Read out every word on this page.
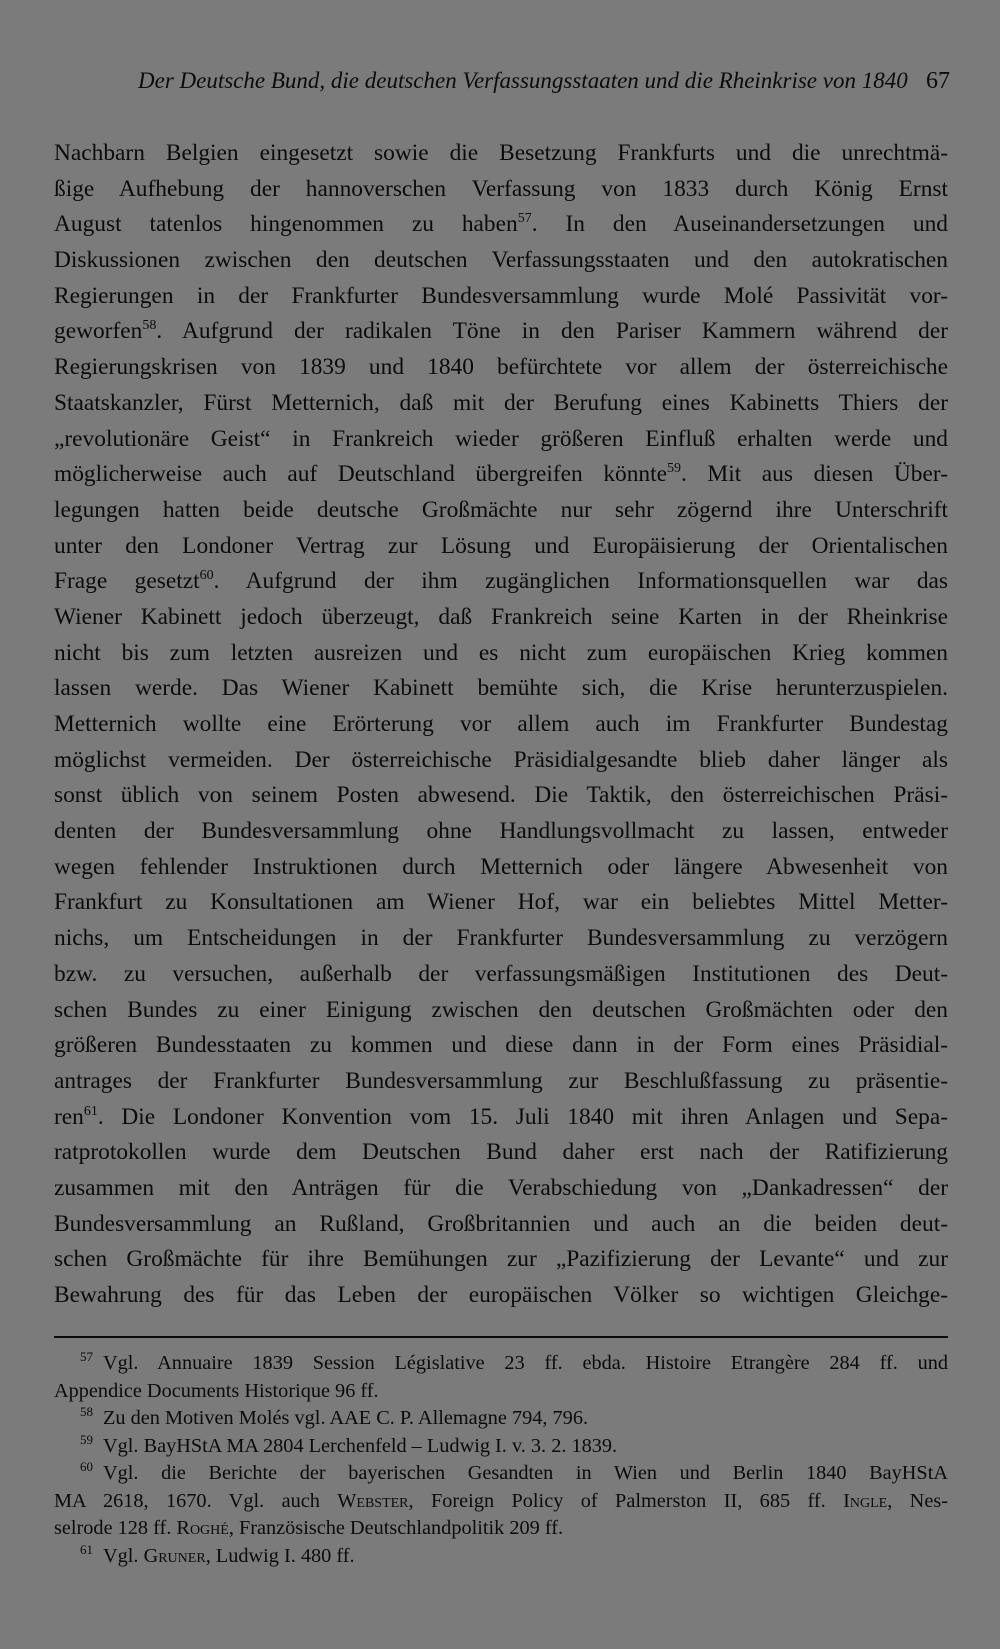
Der Deutsche Bund, die deutschen Verfassungsstaaten und die Rheinkrise von 1840 67
Nachbarn Belgien eingesetzt sowie die Besetzung Frankfurts und die unrechtmä-
ßige Aufhebung der hannoverschen Verfassung von 1833 durch König Ernst
August tatenlos hingenommen zu haben$^{57}$. In den Auseinandersetzungen und
Diskussionen zwischen den deutschen Verfassungsstaaten und den autokratischen
Regierungen in der Frankfurter Bundesversammlung wurde Molé Passivität vor-
geworfen$^{58}$. Aufgrund der radikalen Töne in den Pariser Kammern während der
Regierungskrisen von 1839 und 1840 befürchtete vor allem der österreichische
Staatskanzler, Fürst Metternich, daß mit der Berufung eines Kabinetts Thiers der
„revolutionäre Geist“ in Frankreich wieder größeren Einfluß erhalten werde und
möglicherweise auch auf Deutschland übergreifen könnte$^{59}$. Mit aus diesen Über-
legungen hatten beide deutsche Großmächte nur sehr zögernd ihre Unterschrift
unter den Londoner Vertrag zur Lösung und Europäisierung der Orientalischen
Frage gesetzt$^{60}$. Aufgrund der ihm zugänglichen Informationsquellen war das
Wiener Kabinett jedoch überzeugt, daß Frankreich seine Karten in der Rheinkrise
nicht bis zum letzten ausreizen und es nicht zum europäischen Krieg kommen
lassen werde. Das Wiener Kabinett bemühte sich, die Krise herunterzuspielen.
Metternich wollte eine Erörterung vor allem auch im Frankfurter Bundestag
möglichst vermeiden. Der österreichische Präsidialgesandte blieb daher länger als
sonst üblich von seinem Posten abwesend. Die Taktik, den österreichischen Präsi-
denten der Bundesversammlung ohne Handlungsvollmacht zu lassen, entweder
wegen fehlender Instruktionen durch Metternich oder längere Abwesenheit von
Frankfurt zu Konsultationen am Wiener Hof, war ein beliebtes Mittel Metter-
nichs, um Entscheidungen in der Frankfurter Bundesversammlung zu verzögern
bzw. zu versuchen, außerhalb der verfassungsmäßigen Institutionen des Deut-
schen Bundes zu einer Einigung zwischen den deutschen Großmächten oder den
größeren Bundesstaaten zu kommen und diese dann in der Form eines Präsidial-
antrages der Frankfurter Bundesversammlung zur Beschlußfassung zu präsentie-
ren$^{61}$. Die Londoner Konvention vom 15. Juli 1840 mit ihren Anlagen und Sepa-
ratprotokollen wurde dem Deutschen Bund daher erst nach der Ratifizierung
zusammen mit den Anträgen für die Verabschiedung von „Dankadressen“ der
Bundesversammlung an Rußland, Großbritannien und auch an die beiden deut-
schen Großmächte für ihre Bemühungen zur „Pazifizierung der Levante“ und zur
Bewahrung des für das Leben der europäischen Völker so wichtigen Gleichge-
$^{57}$ Vgl. Annuaire 1839 Session Législative 23 ff. ebda. Histoire Etrangère 284 ff. und
Appendice Documents Historique 96 ff.
$^{58}$ Zu den Motiven Molés vgl. AAE C. P. Allemagne 794, 796.
$^{59}$ Vgl. BayHStA MA 2804 Lerchenfeld – Ludwig I. v. 3. 2. 1839.
$^{60}$ Vgl. die Berichte der bayerischen Gesandten in Wien und Berlin 1840 BayHStA
MA 2618, 1670. Vgl. auch Webster, Foreign Policy of Palmerston II, 685 ff. Ingle, Nes-
selrode 128 ff. Roghé, Französische Deutschlandpolitik 209 ff.
$^{61}$ Vgl. Gruner, Ludwig I. 480 ff.
